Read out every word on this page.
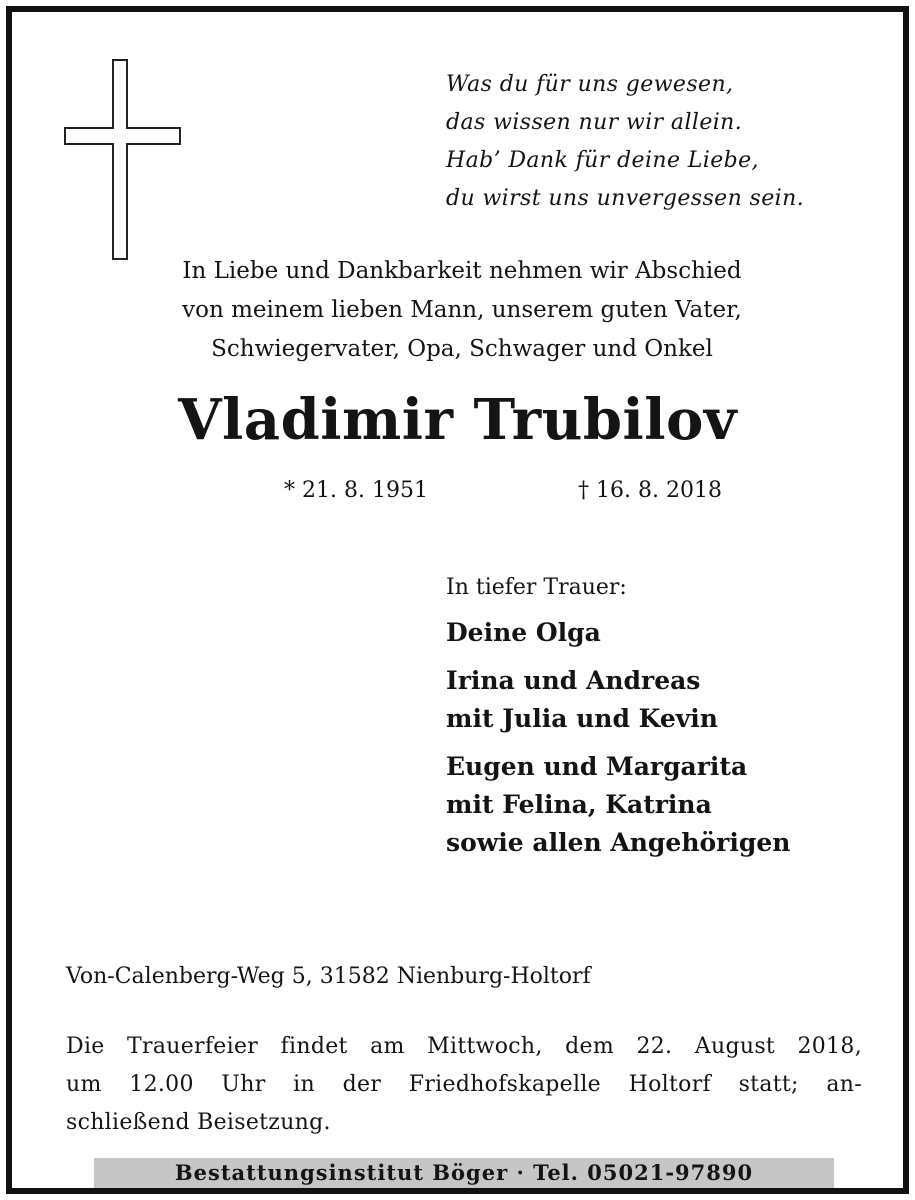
Was du für uns gewesen,
das wissen nur wir allein.
Hab’ Dank für deine Liebe,
du wirst uns unvergessen sein.
In Liebe und Dankbarkeit nehmen wir Abschied
von meinem lieben Mann, unserem guten Vater,
Schwiegervater, Opa, Schwager und Onkel
Vladimir Trubilov
* 21. 8. 1951	† 16. 8. 2018
In tiefer Trauer:
Deine Olga
Irina und Andreas
mit Julia und Kevin
Eugen und Margarita
mit Felina, Katrina
sowie allen Angehörigen
Von-Calenberg-Weg 5, 31582 Nienburg-Holtorf
Die Trauerfeier findet am Mittwoch, dem 22. August 2018,
um 12.00 Uhr in der Friedhofskapelle Holtorf statt; an-
schließend Beisetzung.
Bestattungsinstitut Böger · Tel. 05021-97890
